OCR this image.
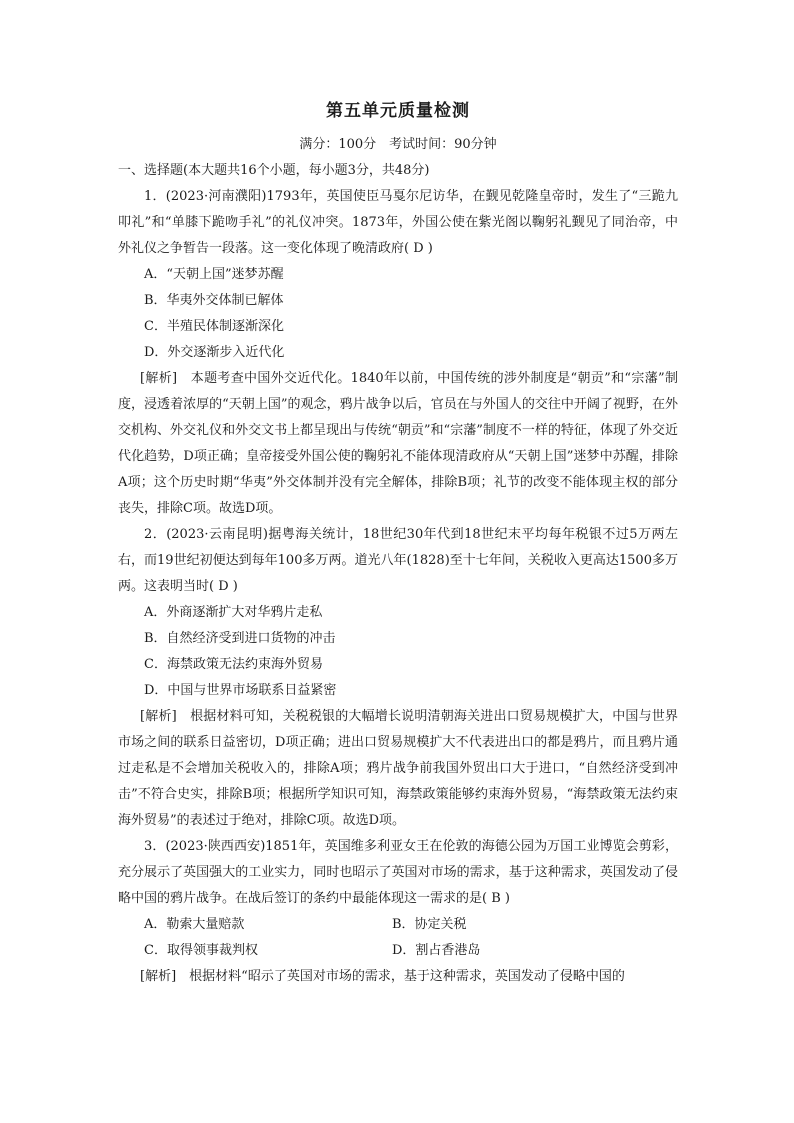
第五单元质量检测
满分：100分　考试时间：90分钟

一、选择题(本大题共16个小题，每小题3分，共48分)

1．(2023·河南濮阳)1793年，英国使臣马戛尔尼访华，在觐见乾隆皇帝时，发生了“三跪九叩礼”和“单膝下跪吻手礼”的礼仪冲突。1873年，外国公使在紫光阁以鞠躬礼觐见了同治帝，中外礼仪之争暂告一段落。这一变化体现了晚清政府( D )

A．“天朝上国”迷梦苏醒

B．华夷外交体制已解体

C．半殖民体制逐渐深化

D．外交逐渐步入近代化

[解析]　 本题考查中国外交近代化。1840年以前，中国传统的涉外制度是“朝贡”和“宗藩”制度，浸透着浓厚的“天朝上国”的观念，鸦片战争以后，官员在与外国人的交往中开阔了视野，在外交机构、外交礼仪和外交文书上都呈现出与传统“朝贡”和“宗藩”制度不一样的特征，体现了外交近代化趋势，D项正确；皇帝接受外国公使的鞠躬礼不能体现清政府从“天朝上国”迷梦中苏醒，排除A项；这个历史时期“华夷”外交体制并没有完全解体，排除B项；礼节的改变不能体现主权的部分丧失，排除C项。故选D项。

2．(2023·云南昆明)据粤海关统计，18世纪30年代到18世纪末平均每年税银不过5万两左右，而19世纪初便达到每年100多万两。道光八年(1828)至十七年间，关税收入更高达1500多万两。这表明当时( D )

A．外商逐渐扩大对华鸦片走私

B．自然经济受到进口货物的冲击

C．海禁政策无法约束海外贸易

D．中国与世界市场联系日益紧密

[解析]　 根据材料可知，关税税银的大幅增长说明清朝海关进出口贸易规模扩大，中国与世界市场之间的联系日益密切，D项正确；进出口贸易规模扩大不代表进出口的都是鸦片，而且鸦片通过走私是不会增加关税收入的，排除A项；鸦片战争前我国外贸出口大于进口，“自然经济受到冲击”不符合史实，排除B项；根据所学知识可知，海禁政策能够约束海外贸易，“海禁政策无法约束海外贸易”的表述过于绝对，排除C项。故选D项。

3．(2023·陕西西安)1851年，英国维多利亚女王在伦敦的海德公园为万国工业博览会剪彩，充分展示了英国强大的工业实力，同时也昭示了英国对市场的需求，基于这种需求，英国发动了侵略中国的鸦片战争。在战后签订的条约中最能体现这一需求的是( B )

A．勒索大量赔款	B．协定关税
C．取得领事裁判权	D．割占香港岛

[解析]　 根据材料“昭示了英国对市场的需求，基于这种需求，英国发动了侵略中国的
